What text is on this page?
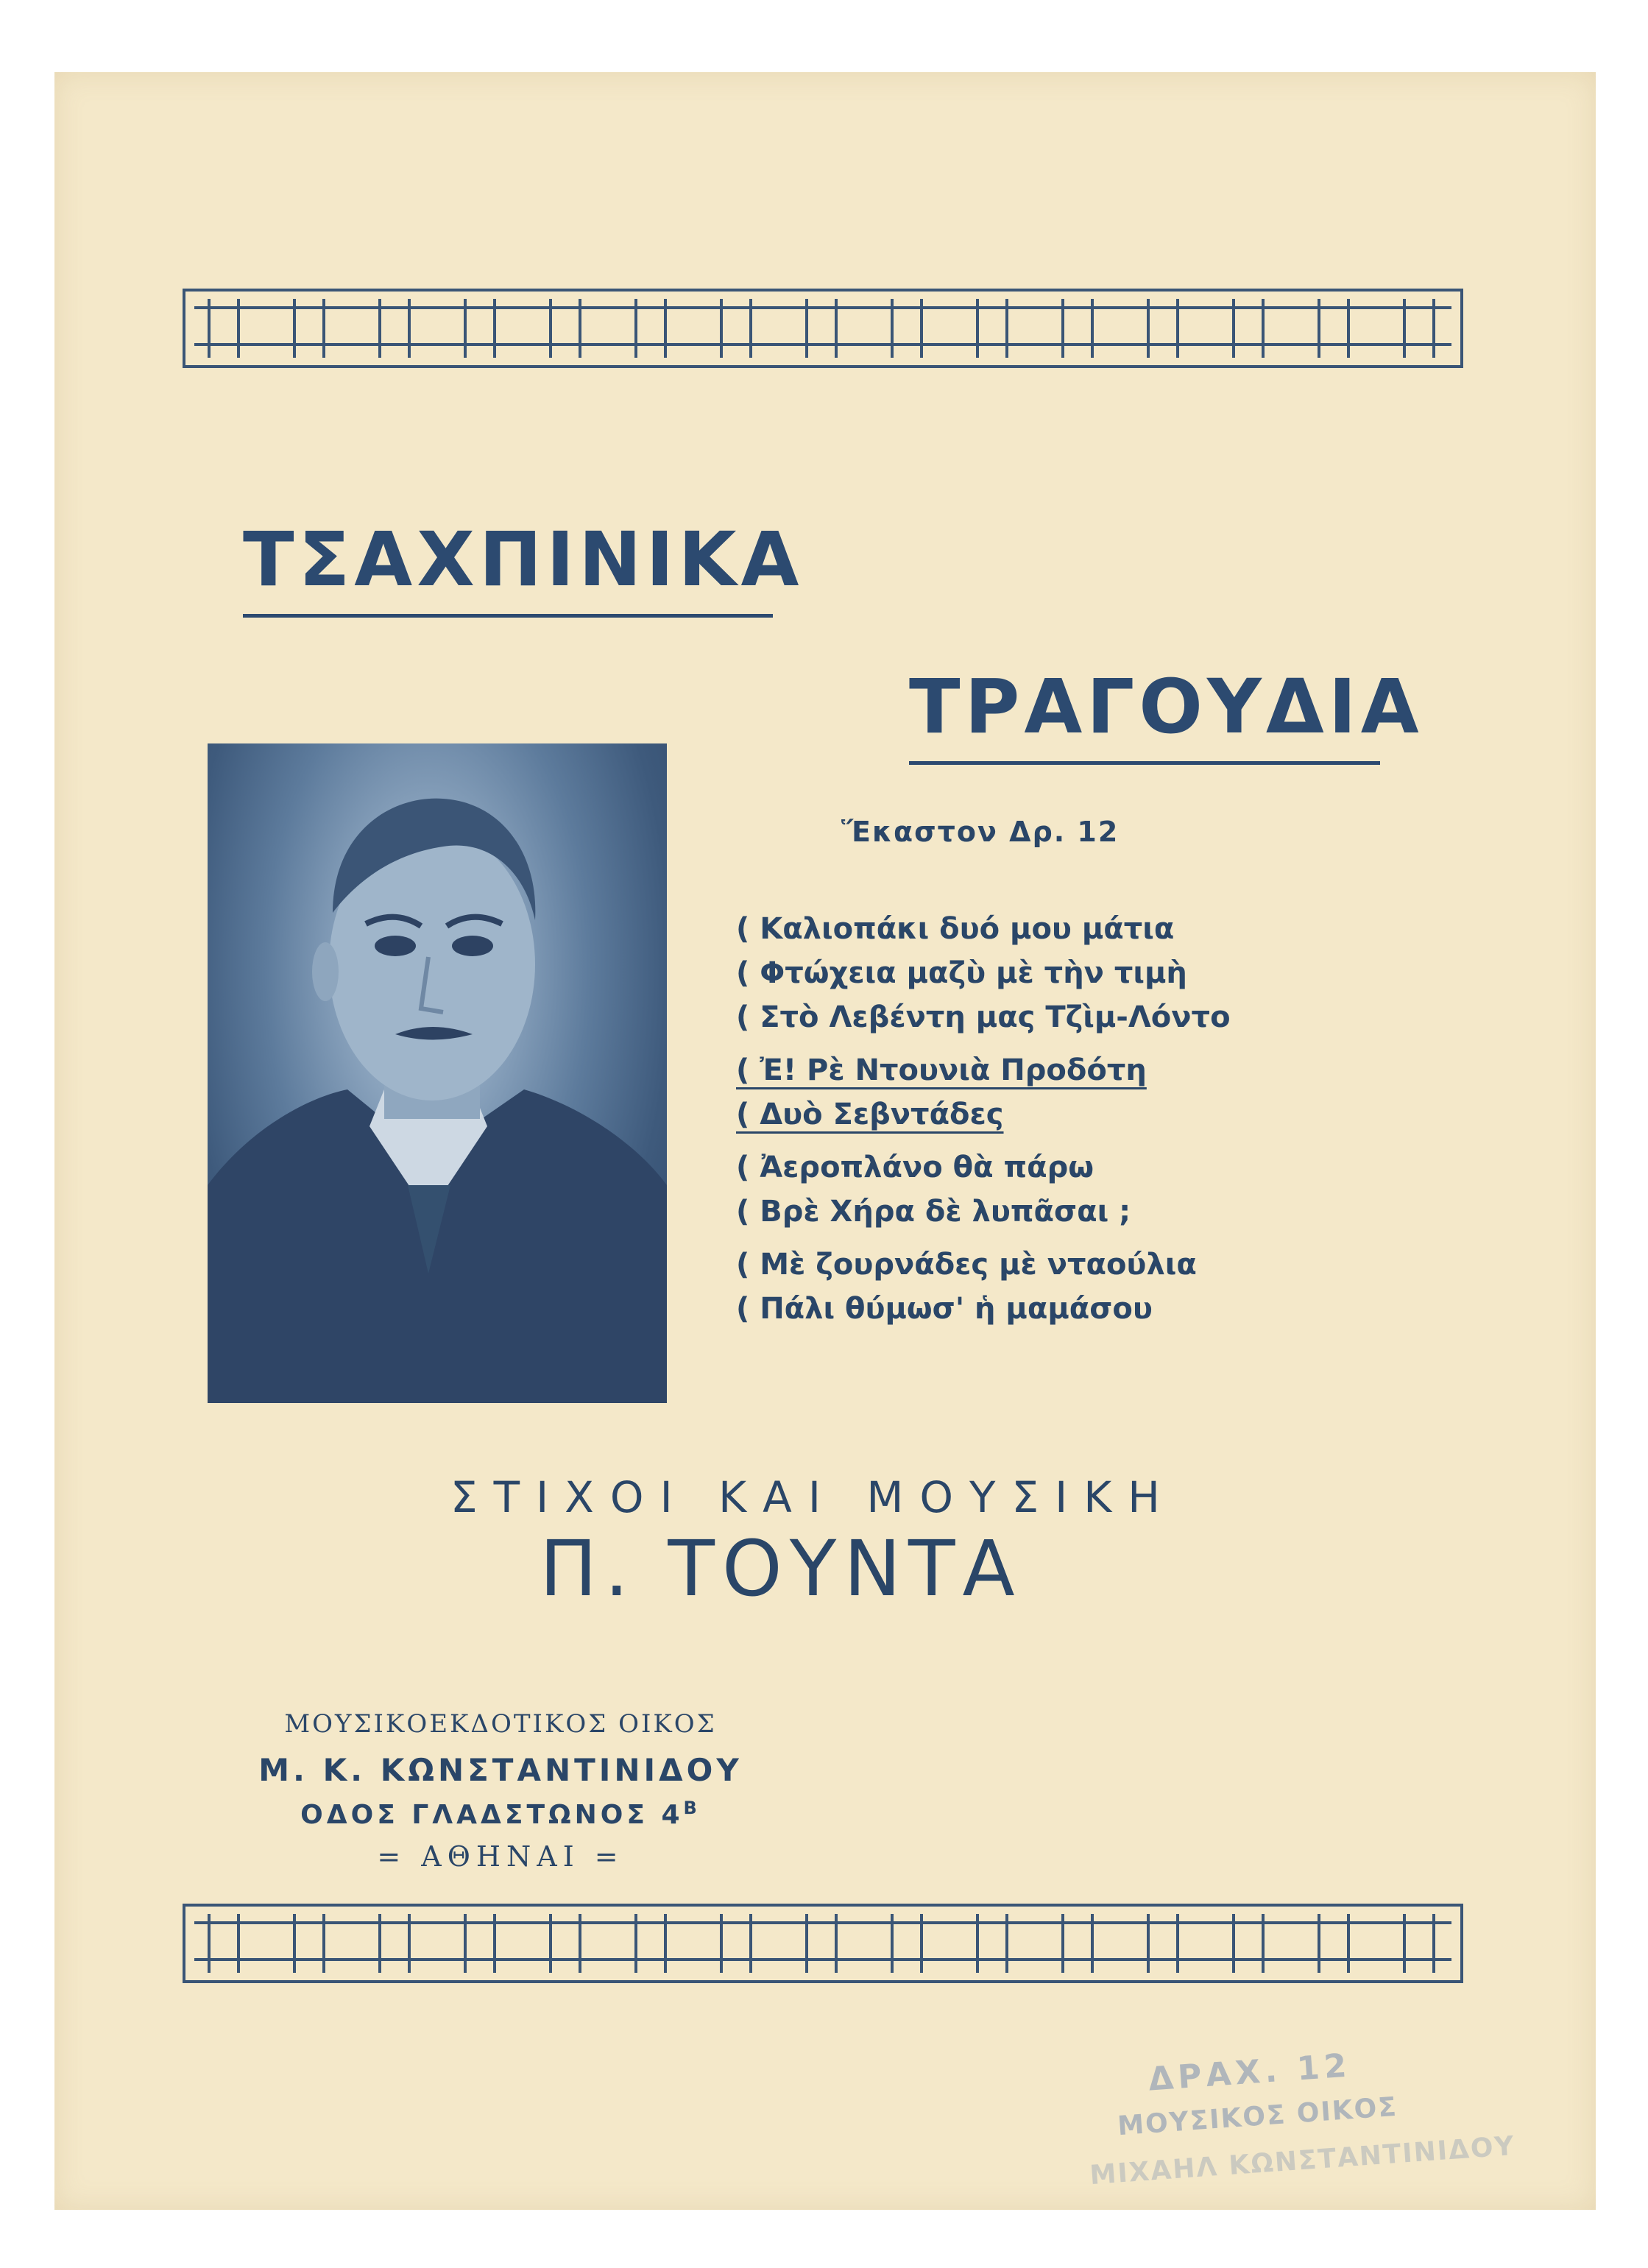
ΤΣΑΧΠΙΝΙΚΑ
ΤΡΑΓΟΥΔΙΑ
Ἕκαστον Δρ. 12
( Καλιοπάκι δυό μου μάτια
( Φτώχεια μαζὺ μὲ τὴν τιμὴ
( Στὸ Λεβέντη μας Τζὶμ-Λόντο
( Ἐ! Ρὲ Ντουνιὰ Προδότη
( Δυὸ Σεβντάδες
( Ἀεροπλάνο θὰ πάρω
( Βρὲ Χήρα δὲ λυπᾶσαι ;
( Μὲ ζουρνάδες μὲ νταούλια
( Πάλι θύμωσ' ἡ μαμάσου
ΣΤΙΧΟΙ ΚΑΙ ΜΟΥΣΙΚΗ
Π. ΤΟΥΝΤΑ
ΜΟΥΣΙΚΟΕΚΔΟΤΙΚΟΣ ΟΙΚΟΣ
Μ. Κ. ΚΩΝΣΤΑΝΤΙΝΙΔΟΥ
ΟΔΟΣ ΓΛΑΔΣΤΩΝΟΣ $4^B$
= ΑΘΗΝΑΙ =
ΔΡΑΧ. 12
ΜΟΥΣΙΚΟΣ ΟΙΚΟΣ
ΜΙΧΑΗΛ ΚΩΝΣΤΑΝΤΙΝΙΔΟΥ
